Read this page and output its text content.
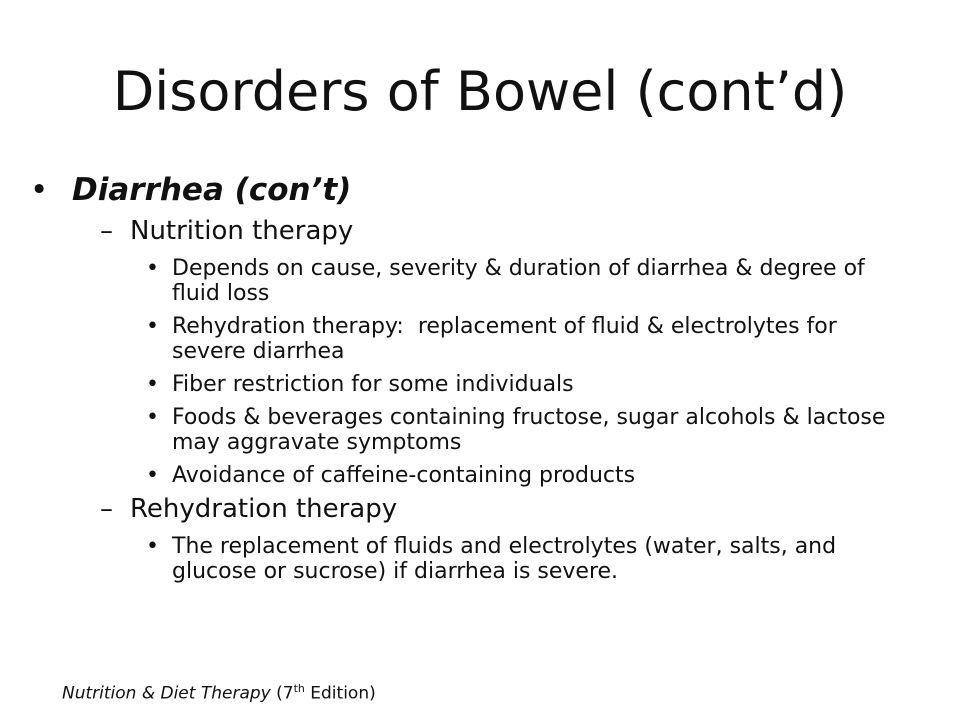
Disorders of Bowel (cont’d)
• Diarrhea (con’t)
– Nutrition therapy
• Depends on cause, severity & duration of diarrhea & degree of fluid loss
• Rehydration therapy:  replacement of fluid & electrolytes for severe diarrhea
• Fiber restriction for some individuals
• Foods & beverages containing fructose, sugar alcohols & lactose may aggravate symptoms
• Avoidance of caffeine-containing products
– Rehydration therapy
• The replacement of fluids and electrolytes (water, salts, and glucose or sucrose) if diarrhea is severe.
Nutrition & Diet Therapy (7th Edition)
